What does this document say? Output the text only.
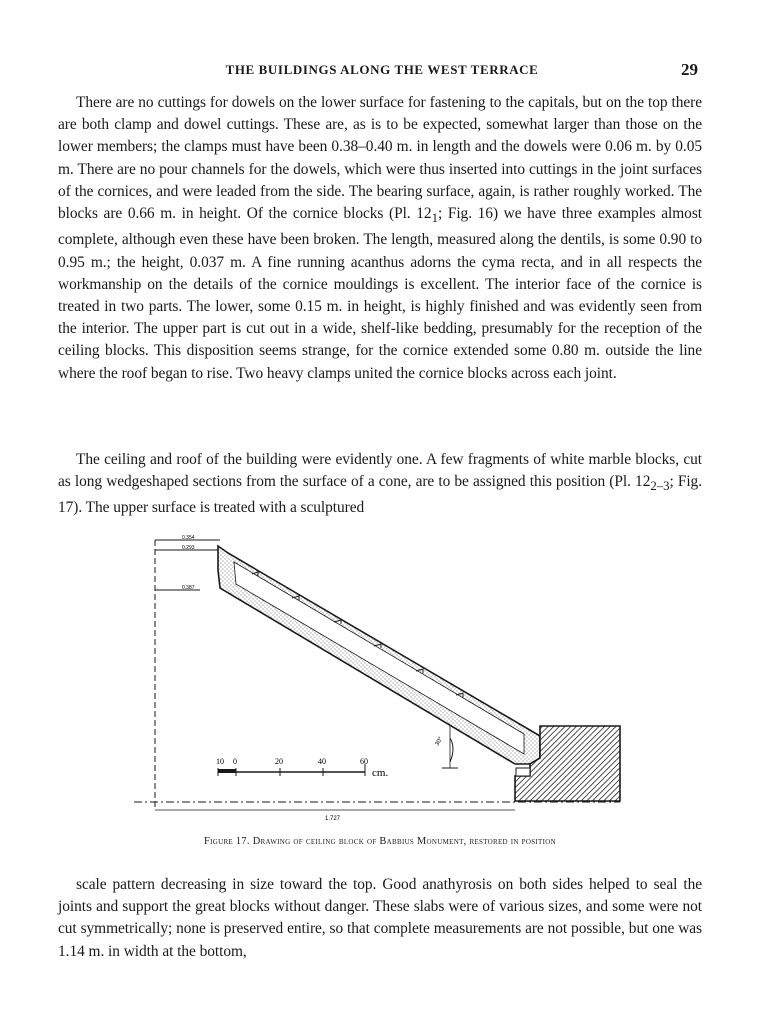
THE BUILDINGS ALONG THE WEST TERRACE	29

There are no cuttings for dowels on the lower surface for fastening to the capitals, but on the top there are both clamp and dowel cuttings. These are, as is to be expected, somewhat larger than those on the lower members; the clamps must have been 0.38–0.40 m. in length and the dowels were 0.06 m. by 0.05 m. There are no pour channels for the dowels, which were thus inserted into cuttings in the joint surfaces of the cornices, and were leaded from the side. The bearing surface, again, is rather roughly worked. The blocks are 0.66 m. in height. Of the cornice blocks (Pl. $12_1$; Fig. 16) we have three examples almost complete, although even these have been broken. The length, measured along the dentils, is some 0.90 to 0.95 m.; the height, 0.037 m. A fine running acanthus adorns the cyma recta, and in all respects the workmanship on the details of the cornice mouldings is excellent. The interior face of the cornice is treated in two parts. The lower, some 0.15 m. in height, is highly finished and was evidently seen from the interior. The upper part is cut out in a wide, shelf-like bedding, presumably for the reception of the ceiling blocks. This disposition seems strange, for the cornice extended some 0.80 m. outside the line where the roof began to rise. Two heavy clamps united the cornice blocks across each joint.

The ceiling and roof of the building were evidently one. A few fragments of white marble blocks, cut as long wedgeshaped sections from the surface of a cone, are to be assigned this position (Pl. $12_{2-3}$; Fig. 17). The upper surface is treated with a sculptured

0.354
0.293
0.387
30°
10 0	20	40	60
cm.
1.727
Figure 17. Drawing of ceiling block of Babbius Monument, restored in position

scale pattern decreasing in size toward the top. Good anathyrosis on both sides helped to seal the joints and support the great blocks without danger. These slabs were of various sizes, and some were not cut symmetrically; none is preserved entire, so that complete measurements are not possible, but one was 1.14 m. in width at the bottom,
